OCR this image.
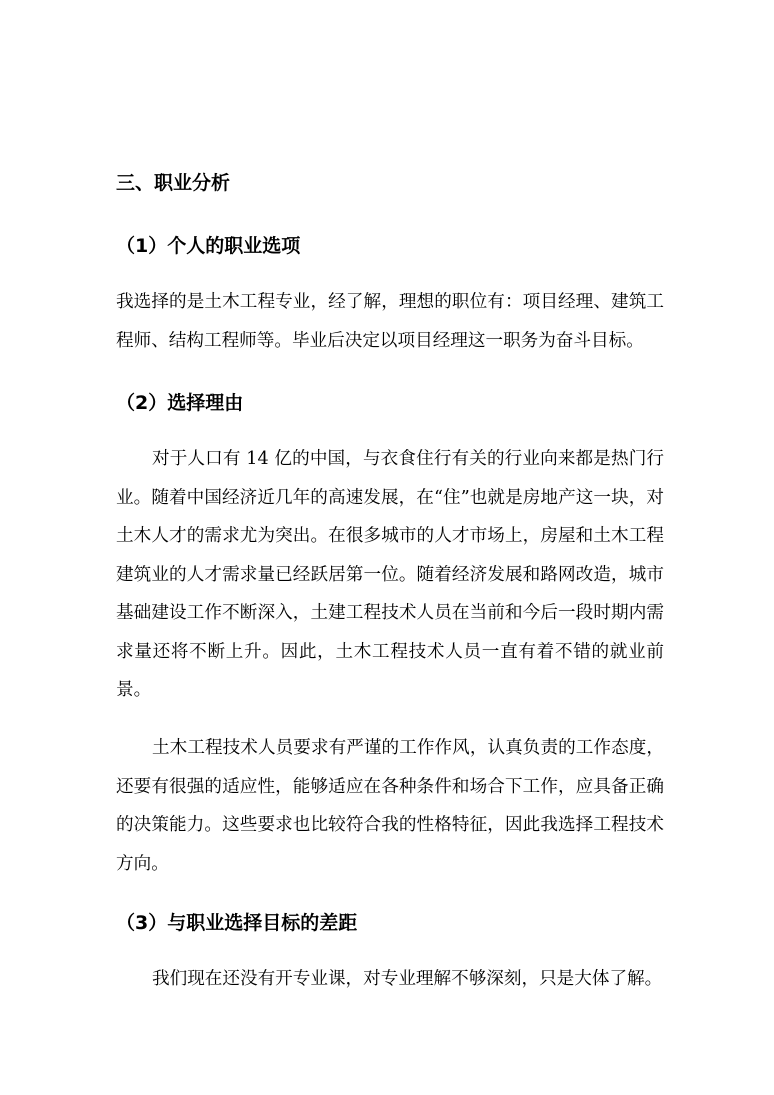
三、职业分析
（1）个人的职业选项

我选择的是土木工程专业，经了解，理想的职位有：项目经理、建筑工程师、结构工程师等。毕业后决定以项目经理这一职务为奋斗目标。

（2）选择理由

对于人口有 14 亿的中国，与衣食住行有关的行业向来都是热门行业。随着中国经济近几年的高速发展，在“住”也就是房地产这一块，对土木人才的需求尤为突出。在很多城市的人才市场上，房屋和土木工程建筑业的人才需求量已经跃居第一位。随着经济发展和路网改造，城市基础建设工作不断深入，土建工程技术人员在当前和今后一段时期内需求量还将不断上升。因此，土木工程技术人员一直有着不错的就业前景。

土木工程技术人员要求有严谨的工作作风，认真负责的工作态度，还要有很强的适应性，能够适应在各种条件和场合下工作，应具备正确的决策能力。这些要求也比较符合我的性格特征，因此我选择工程技术方向。

（3）与职业选择目标的差距

我们现在还没有开专业课，对专业理解不够深刻，只是大体了解。
